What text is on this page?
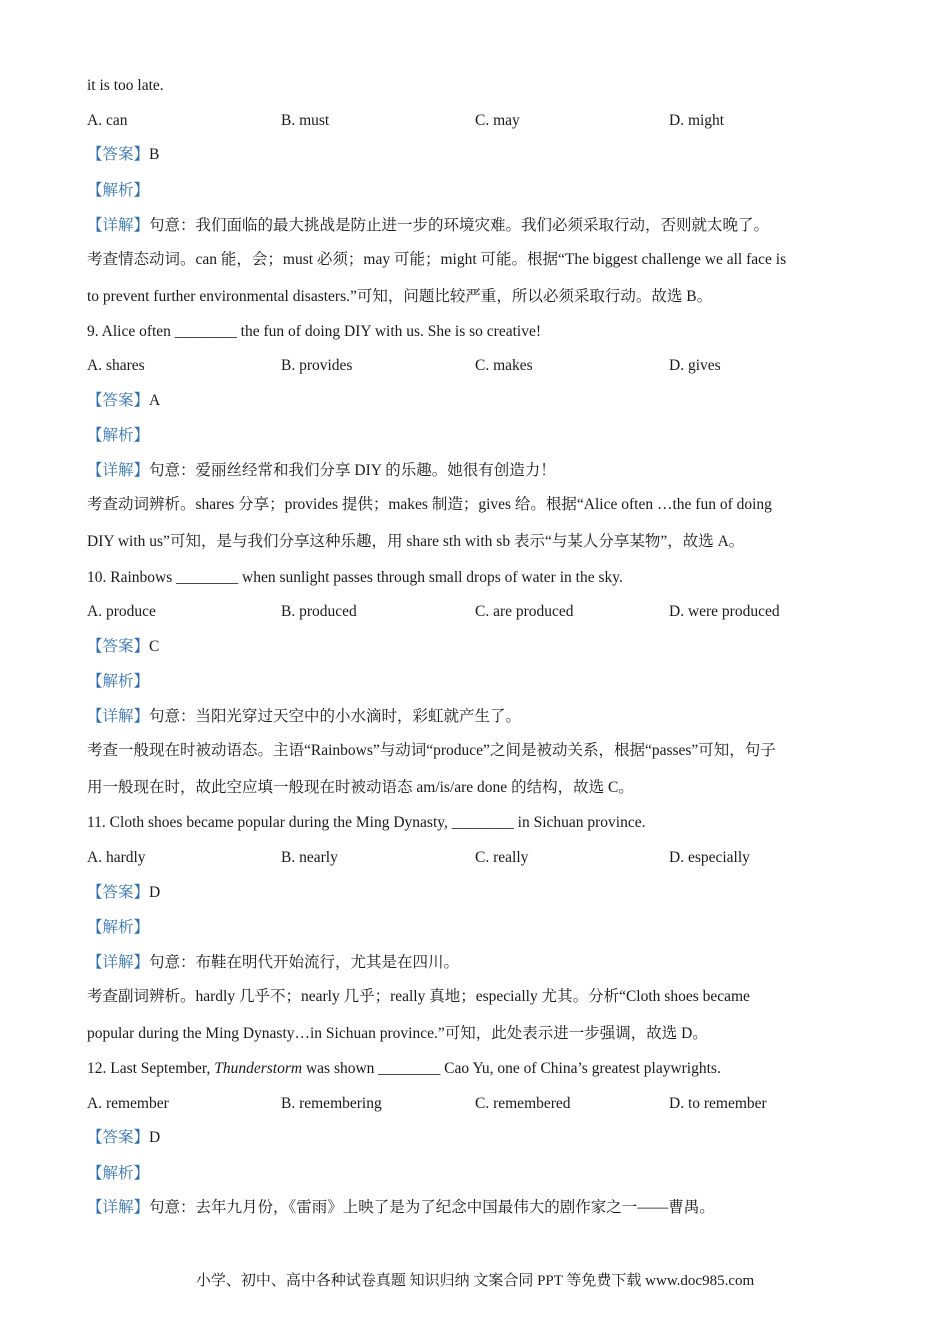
it is too late.
A. can	B. must	C. may	D. might
【答案】B
【解析】
【详解】句意：我们面临的最大挑战是防止进一步的环境灾难。我们必须采取行动，否则就太晚了。
考查情态动词。can 能，会；must 必须；may 可能；might 可能。根据“The biggest challenge we all face is
to prevent further environmental disasters.”可知，问题比较严重，所以必须采取行动。故选 B。
9. Alice often ________ the fun of doing DIY with us. She is so creative!
A. shares	B. provides	C. makes	D. gives
【答案】A
【解析】
【详解】句意：爱丽丝经常和我们分享 DIY 的乐趣。她很有创造力！
考查动词辨析。shares 分享；provides 提供；makes 制造；gives 给。根据“Alice often …the fun of doing
DIY with us”可知，是与我们分享这种乐趣，用 share sth with sb 表示“与某人分享某物”，故选 A。
10. Rainbows ________ when sunlight passes through small drops of water in the sky.
A. produce	B. produced	C. are produced	D. were produced
【答案】C
【解析】
【详解】句意：当阳光穿过天空中的小水滴时，彩虹就产生了。
考查一般现在时被动语态。主语“Rainbows”与动词“produce”之间是被动关系，根据“passes”可知，句子
用一般现在时，故此空应填一般现在时被动语态 am/is/are done 的结构，故选 C。
11. Cloth shoes became popular during the Ming Dynasty, ________ in Sichuan province.
A. hardly	B. nearly	C. really	D. especially
【答案】D
【解析】
【详解】句意：布鞋在明代开始流行，尤其是在四川。
考查副词辨析。hardly 几乎不；nearly 几乎；really 真地；especially 尤其。分析“Cloth shoes became
popular during the Ming Dynasty…in Sichuan province.”可知，此处表示进一步强调，故选 D。
12. Last September, Thunderstorm was shown ________ Cao Yu, one of China’s greatest playwrights.
A. remember	B. remembering	C. remembered	D. to remember
【答案】D
【解析】
【详解】句意：去年九月份，《雷雨》上映了是为了纪念中国最伟大的剧作家之一——曹禺。
小学、初中、高中各种试卷真题 知识归纳 文案合同 PPT 等免费下载 www.doc985.com
